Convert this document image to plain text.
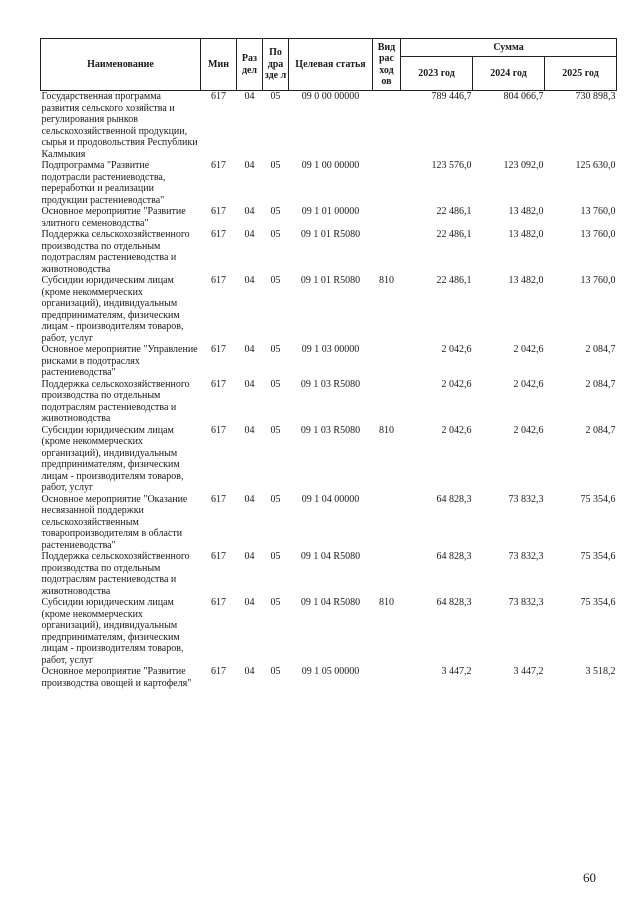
Наименование	Мин	Раз дел	По дра зде л	Целевая статья	Вид рас ход ов	Сумма		
						2023 год	2024 год	2025 год
Государственная программа развития сельского хозяйства и регулирования рынков сельскохозяйственной продукции, сырья и продовольствия Республики Калмыкия	617	04	05	09 0 00 00000		789 446,7	804 066,7	730 898,3
Подпрограмма "Развитие подотрасли растениеводства, переработки и реализации продукции растениеводства"	617	04	05	09 1 00 00000		123 576,0	123 092,0	125 630,0
Основное мероприятие "Развитие элитного семеноводства"	617	04	05	09 1 01 00000		22 486,1	13 482,0	13 760,0
Поддержка сельскохозяйственного производства по отдельным подотраслям растениеводства и животноводства	617	04	05	09 1 01 R5080		22 486,1	13 482,0	13 760,0
Субсидии юридическим лицам (кроме некоммерческих организаций), индивидуальным предпринимателям, физическим лицам - производителям товаров, работ, услуг	617	04	05	09 1 01 R5080	810	22 486,1	13 482,0	13 760,0
Основное мероприятие "Управление рисками в подотраслях растениеводства"	617	04	05	09 1 03 00000		2 042,6	2 042,6	2 084,7
Поддержка сельскохозяйственного производства по отдельным подотраслям растениеводства и животноводства	617	04	05	09 1 03 R5080		2 042,6	2 042,6	2 084,7
Субсидии юридическим лицам (кроме некоммерческих организаций), индивидуальным предпринимателям, физическим лицам - производителям товаров, работ, услуг	617	04	05	09 1 03 R5080	810	2 042,6	2 042,6	2 084,7
Основное мероприятие "Оказание несвязанной поддержки сельскохозяйственным товаропроизводителям в области растениеводства"	617	04	05	09 1 04 00000		64 828,3	73 832,3	75 354,6
Поддержка сельскохозяйственного производства по отдельным подотраслям растениеводства и животноводства	617	04	05	09 1 04 R5080		64 828,3	73 832,3	75 354,6
Субсидии юридическим лицам (кроме некоммерческих организаций), индивидуальным предпринимателям, физическим лицам - производителям товаров, работ, услуг	617	04	05	09 1 04 R5080	810	64 828,3	73 832,3	75 354,6
Основное мероприятие "Развитие производства овощей и картофеля"	617	04	05	09 1 05 00000		3 447,2	3 447,2	3 518,2
60
